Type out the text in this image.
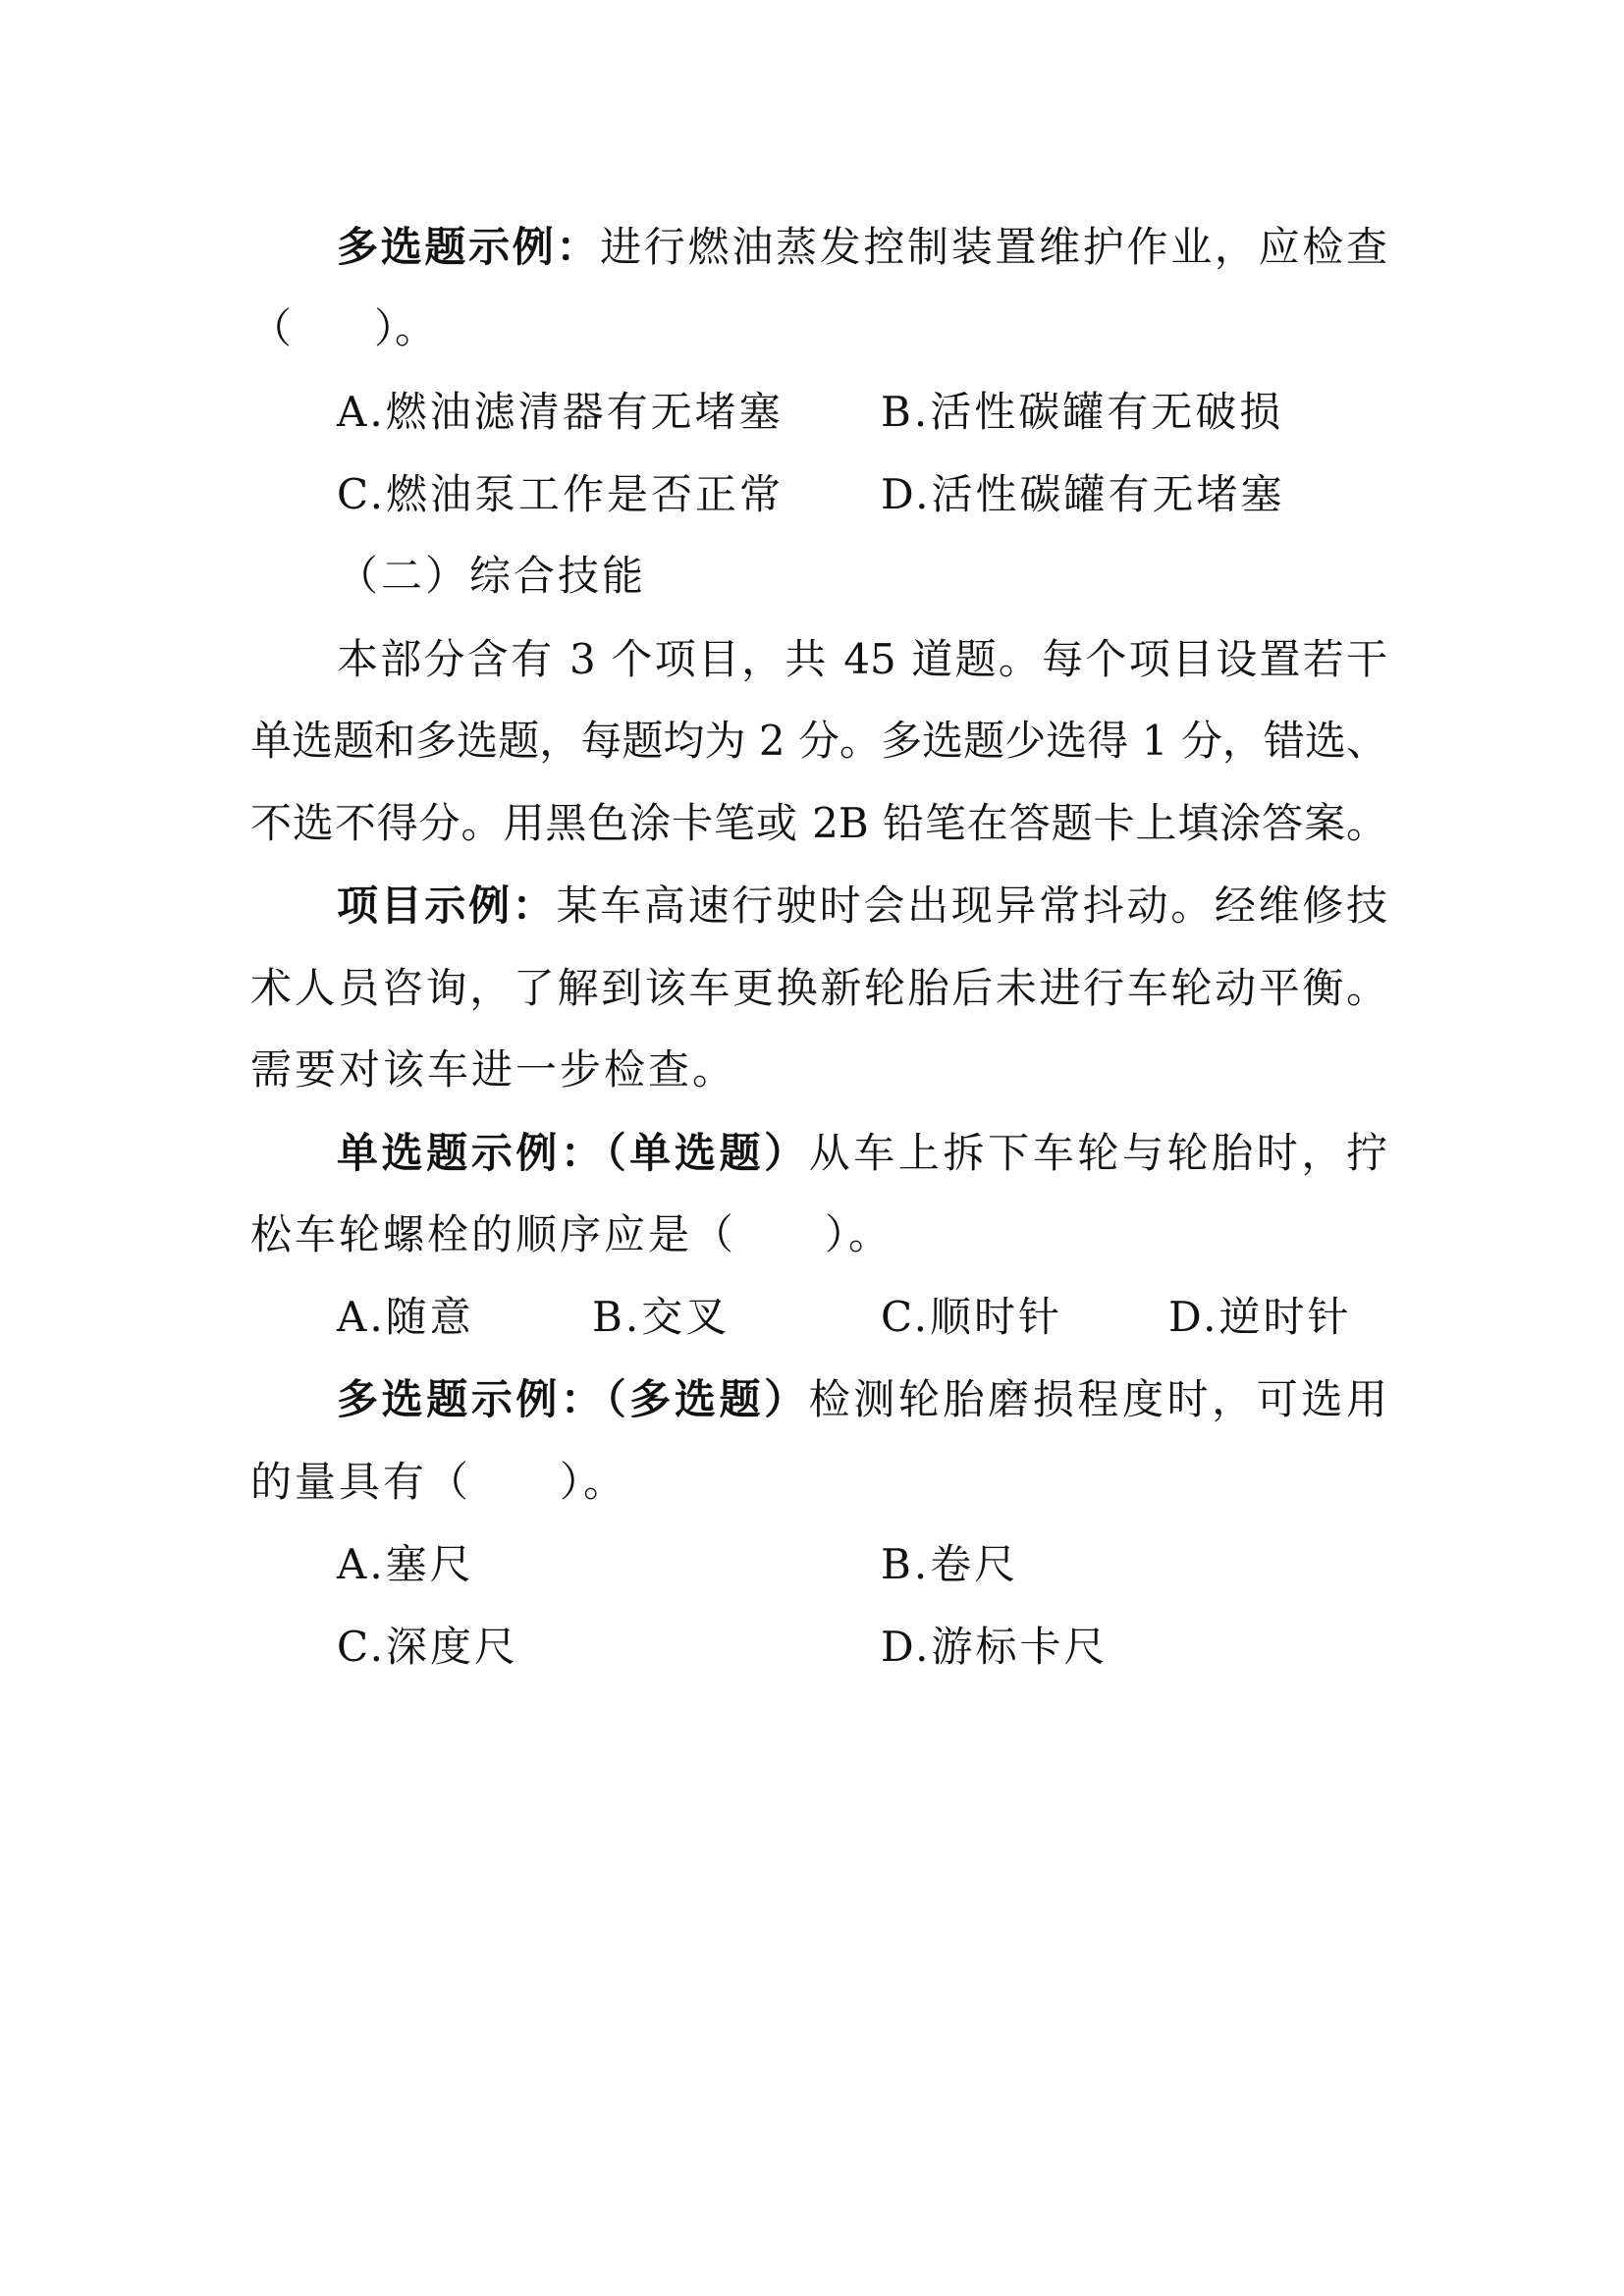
多选题示例：进行燃油蒸发控制装置维护作业，应检查
（　　）。
A.燃油滤清器有无堵塞 B.活性碳罐有无破损
C.燃油泵工作是否正常 D.活性碳罐有无堵塞
（二）综合技能
本部分含有 3 个项目，共 45 道题。每个项目设置若干
单选题和多选题，每题均为 2 分。多选题少选得 1 分，错选、
不选不得分。用黑色涂卡笔或 2B 铅笔在答题卡上填涂答案。
项目示例：某车高速行驶时会出现异常抖动。经维修技
术人员咨询，了解到该车更换新轮胎后未进行车轮动平衡。
需要对该车进一步检查。
单选题示例：（单选题）从车上拆下车轮与轮胎时，拧
松车轮螺栓的顺序应是（　　）。
A.随意	B.交叉	C.顺时针	D.逆时针
多选题示例：（多选题）检测轮胎磨损程度时，可选用
的量具有（　　）。
A.塞尺	B.卷尺
C.深度尺	D.游标卡尺
